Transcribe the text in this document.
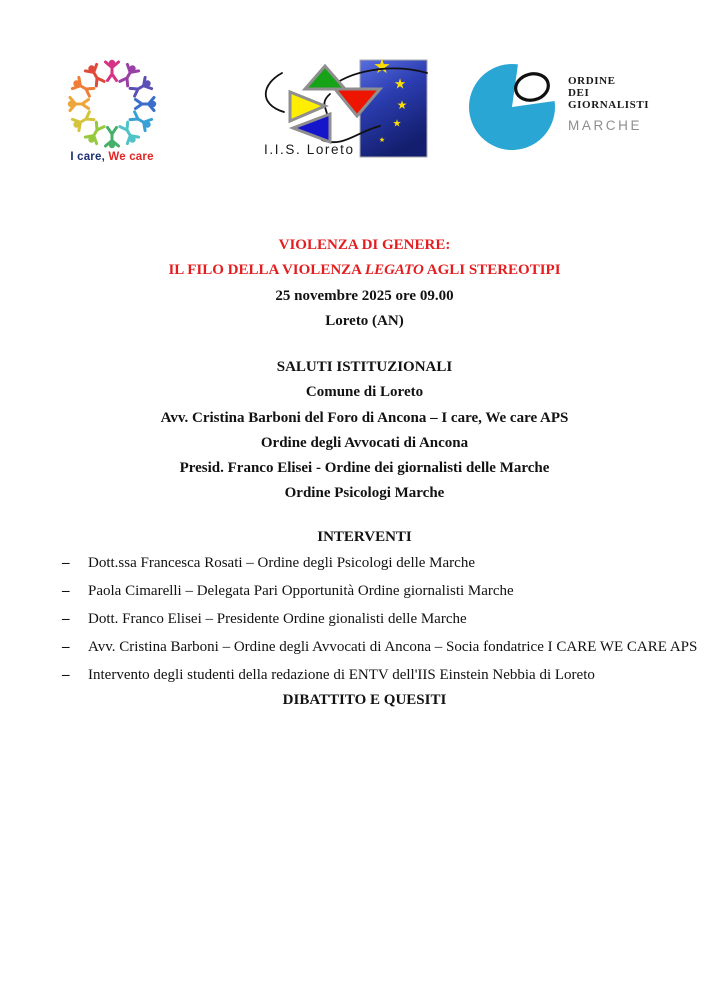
I care, We care
★
★
★
★
★
I.I.S. Loreto
ORDINE
DEI
GIORNALISTI
MARCHE
VIOLENZA DI GENERE:
IL FILO DELLA VIOLENZA LEGATO AGLI STEREOTIPI
25 novembre 2025 ore 09.00
Loreto (AN)
SALUTI ISTITUZIONALI
Comune di Loreto
Avv. Cristina Barboni del Foro di Ancona – I care, We care APS
Ordine degli Avvocati di Ancona
Presid. Franco Elisei - Ordine dei giornalisti delle Marche
Ordine Psicologi Marche
INTERVENTI
–	Dott.ssa Francesca Rosati – Ordine degli Psicologi delle Marche
–	Paola Cimarelli – Delegata Pari Opportunità Ordine giornalisti Marche
–	Dott. Franco Elisei – Presidente Ordine gionalisti delle Marche
–	Avv. Cristina Barboni – Ordine degli Avvocati di Ancona – Socia fondatrice I CARE WE CARE APS
–	Intervento degli studenti della redazione di ENTV dell'IIS Einstein Nebbia di Loreto
DIBATTITO E QUESITI
